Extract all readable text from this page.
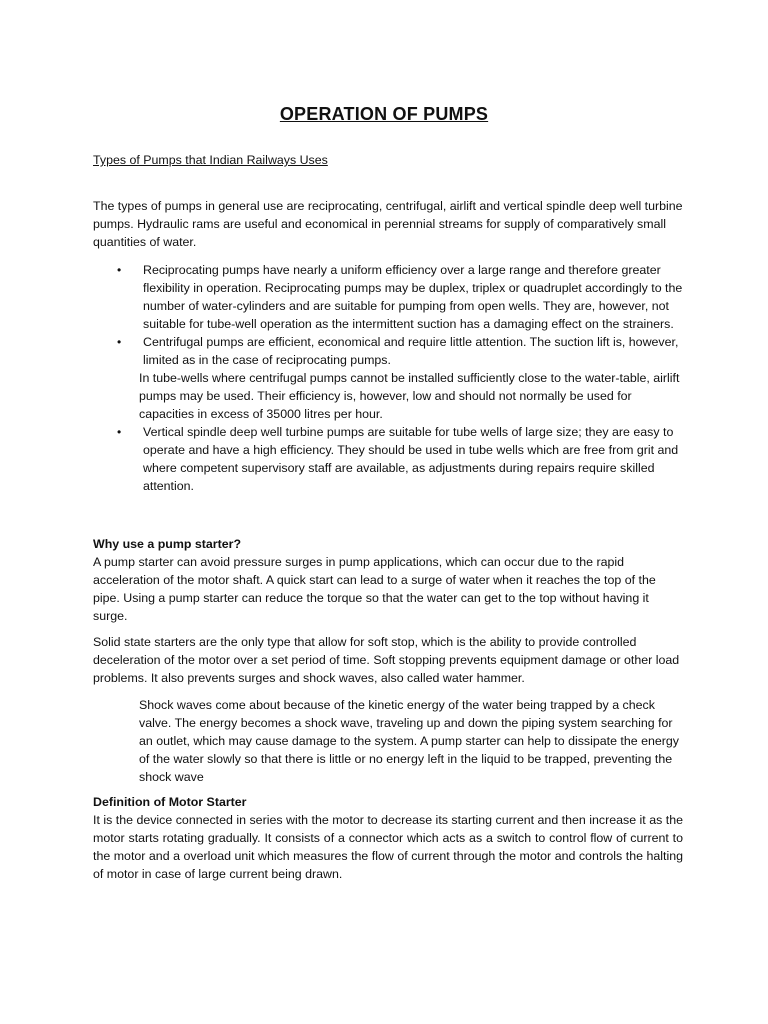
OPERATION OF PUMPS
Types of Pumps that Indian Railways Uses
The types of pumps in general use are reciprocating, centrifugal, airlift and vertical spindle deep well turbine pumps. Hydraulic rams are useful and economical in perennial streams for supply of comparatively small quantities of water.
• Reciprocating pumps have nearly a uniform efficiency over a large range and therefore greater flexibility in operation. Reciprocating pumps may be duplex, triplex or quadruplet accordingly to the number of water-cylinders and are suitable for pumping from open wells. They are, however, not suitable for tube-well operation as the intermittent suction has a damaging effect on the strainers.
• Centrifugal pumps are efficient, economical and require little attention. The suction lift is, however, limited as in the case of reciprocating pumps.
In tube-wells where centrifugal pumps cannot be installed sufficiently close to the water-table, airlift pumps may be used. Their efficiency is, however, low and should not normally be used for capacities in excess of 35000 litres per hour.
• Vertical spindle deep well turbine pumps are suitable for tube wells of large size; they are easy to operate and have a high efficiency. They should be used in tube wells which are free from grit and where competent supervisory staff are available, as adjustments during repairs require skilled attention.
Why use a pump starter?
A pump starter can avoid pressure surges in pump applications, which can occur due to the rapid acceleration of the motor shaft. A quick start can lead to a surge of water when it reaches the top of the pipe. Using a pump starter can reduce the torque so that the water can get to the top without having it surge.
Solid state starters are the only type that allow for soft stop, which is the ability to provide controlled deceleration of the motor over a set period of time. Soft stopping prevents equipment damage or other load problems. It also prevents surges and shock waves, also called water hammer.
Shock waves come about because of the kinetic energy of the water being trapped by a check valve. The energy becomes a shock wave, traveling up and down the piping system searching for an outlet, which may cause damage to the system. A pump starter can help to dissipate the energy of the water slowly so that there is little or no energy left in the liquid to be trapped, preventing the shock wave
Definition of Motor Starter
It is the device connected in series with the motor to decrease its starting current and then increase it as the motor starts rotating gradually. It consists of a connector which acts as a switch to control flow of current to the motor and a overload unit which measures the flow of current through the motor and controls the halting of motor in case of large current being drawn.
